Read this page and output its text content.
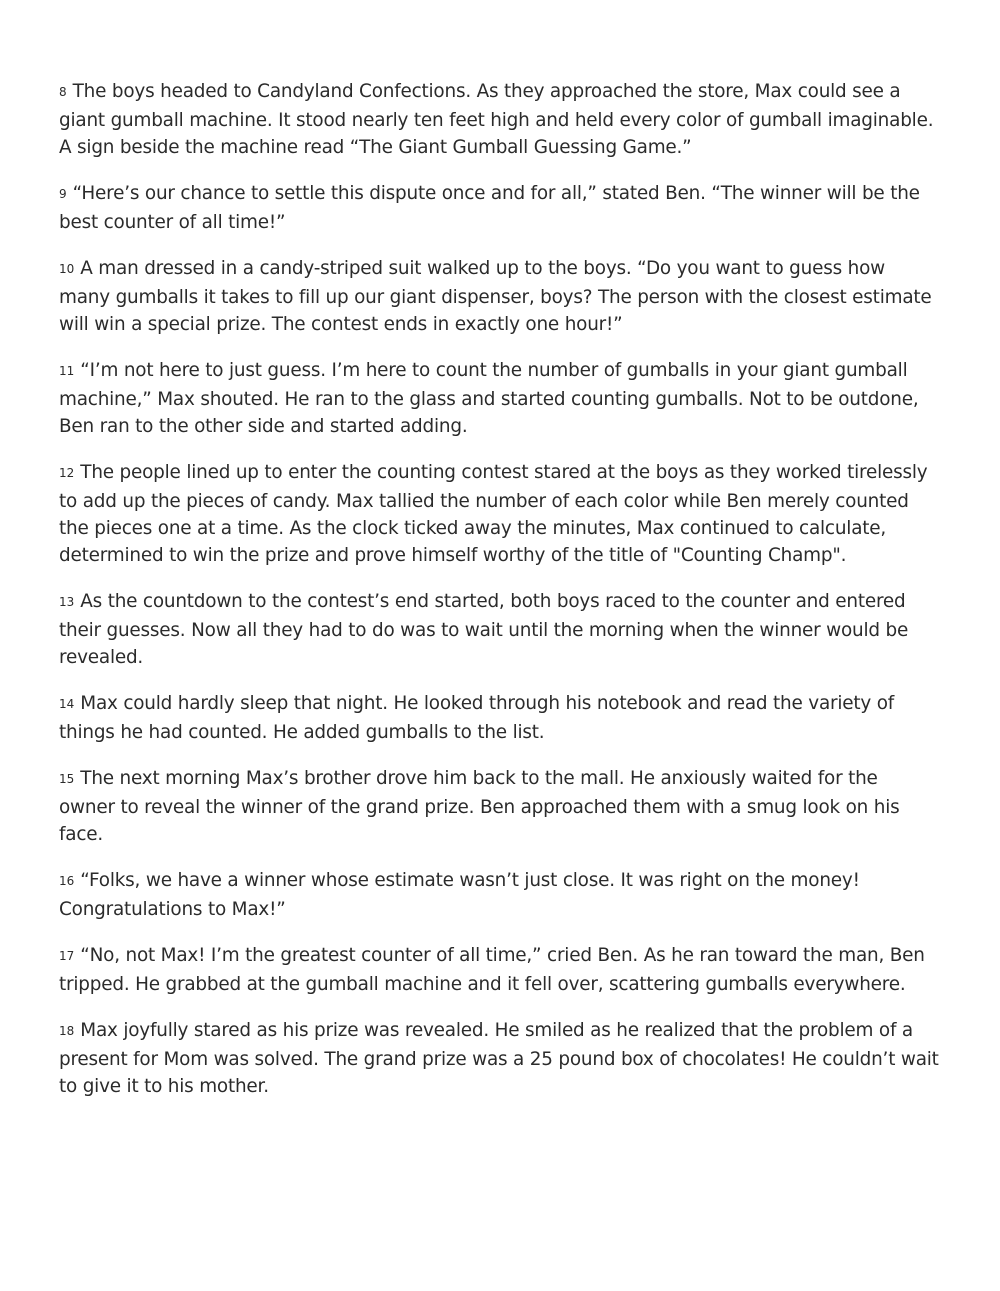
8 The boys headed to Candyland Confections. As they approached the store, Max could see a giant gumball machine. It stood nearly ten feet high and held every color of gumball imaginable. A sign beside the machine read “The Giant Gumball Guessing Game.”

9 “Here’s our chance to settle this dispute once and for all,” stated Ben. “The winner will be the best counter of all time!”

10 A man dressed in a candy-striped suit walked up to the boys. “Do you want to guess how many gumballs it takes to fill up our giant dispenser, boys? The person with the closest estimate will win a special prize. The contest ends in exactly one hour!”

11 “I’m not here to just guess. I’m here to count the number of gumballs in your giant gumball machine,” Max shouted. He ran to the glass and started counting gumballs. Not to be outdone, Ben ran to the other side and started adding.

12 The people lined up to enter the counting contest stared at the boys as they worked tirelessly to add up the pieces of candy. Max tallied the number of each color while Ben merely counted the pieces one at a time. As the clock ticked away the minutes, Max continued to calculate, determined to win the prize and prove himself worthy of the title of "Counting Champ".

13 As the countdown to the contest’s end started, both boys raced to the counter and entered their guesses. Now all they had to do was to wait until the morning when the winner would be revealed.

14 Max could hardly sleep that night. He looked through his notebook and read the variety of things he had counted. He added gumballs to the list.

15 The next morning Max’s brother drove him back to the mall. He anxiously waited for the owner to reveal the winner of the grand prize. Ben approached them with a smug look on his face.

16 “Folks, we have a winner whose estimate wasn’t just close. It was right on the money! Congratulations to Max!”

17 “No, not Max! I’m the greatest counter of all time,” cried Ben. As he ran toward the man, Ben tripped. He grabbed at the gumball machine and it fell over, scattering gumballs everywhere.

18 Max joyfully stared as his prize was revealed. He smiled as he realized that the problem of a present for Mom was solved. The grand prize was a 25 pound box of chocolates! He couldn’t wait to give it to his mother.
